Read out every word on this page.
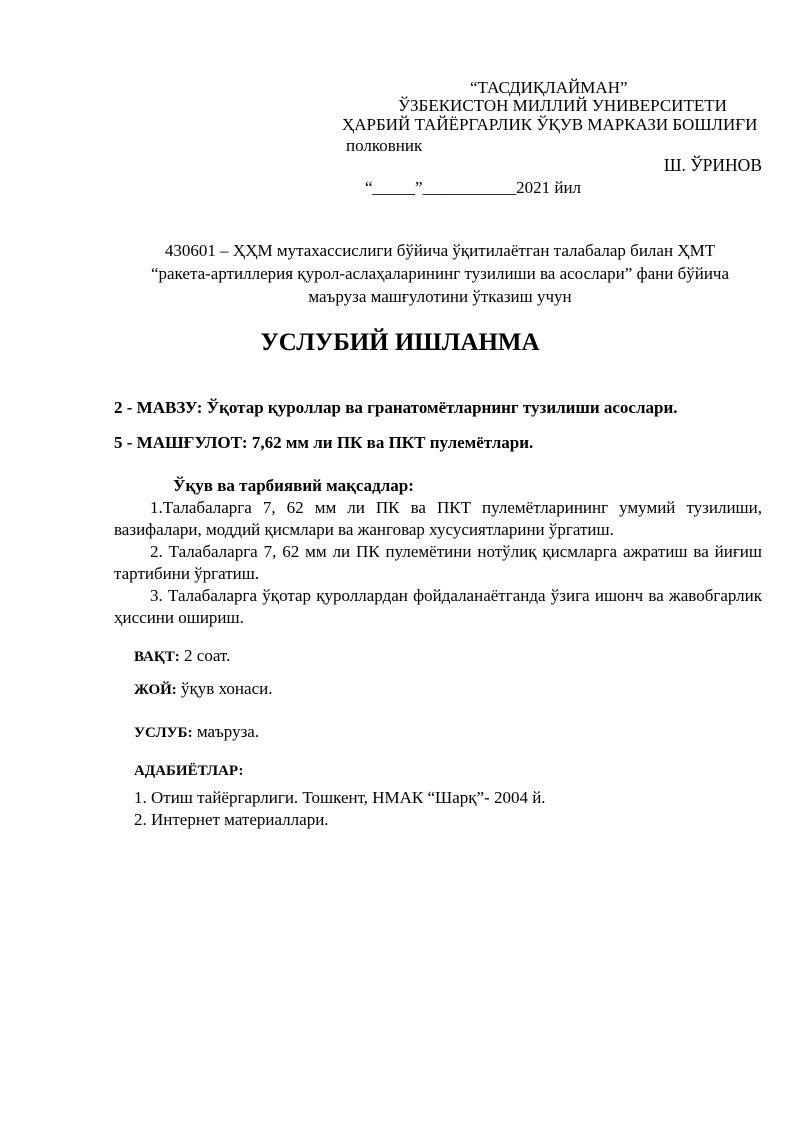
“ТАСДИҚЛАЙМАН”
ЎЗБЕКИСТОН МИЛЛИЙ УНИВЕРСИТЕТИ
ҲАРБИЙ ТАЙЁРГАРЛИК ЎҚУВ МАРКАЗИ БОШЛИҒИ
полковник
Ш. ЎРИНОВ
“_____”___________2021 йил
430601 – ҲҲМ мутахассислиги бўйича ўқитилаётган талабалар билан ҲМТ
“ракета-артиллерия қурол-аслаҳаларининг тузилиши ва асослари” фани бўйича
маъруза машғулотини ўтказиш учун
УСЛУБИЙ ИШЛАНМА
2 - МАВЗУ: Ўқотар қуроллар ва гранатомётларнинг тузилиши асослари.
5 - МАШҒУЛОТ: 7,62 мм ли ПК ва ПКТ пулемётлари.
Ўқув ва тарбиявий мақсадлар:

1.Талабаларга 7, 62 мм ли ПК ва ПКТ пулемётларининг умумий тузилиши, вазифалари, моддий қисмлари ва жанговар хусусиятларини ўргатиш.

2. Талабаларга 7, 62 мм ли ПК пулемётини нотўлиқ қисмларга ажратиш ва йиғиш тартибини ўргатиш.

3. Талабаларга ўқотар қуроллардан фойдаланаётганда ўзига ишонч ва жавобгарлик ҳиссини ошириш.

ВАҚТ: 2 соат.
ЖОЙ: ўқув хонаси.
УСЛУБ: маъруза.
АДАБИЁТЛАР:
1. Отиш тайёргарлиги. Тошкент, НМАК “Шарқ”- 2004 й.
2. Интернет материаллари.
